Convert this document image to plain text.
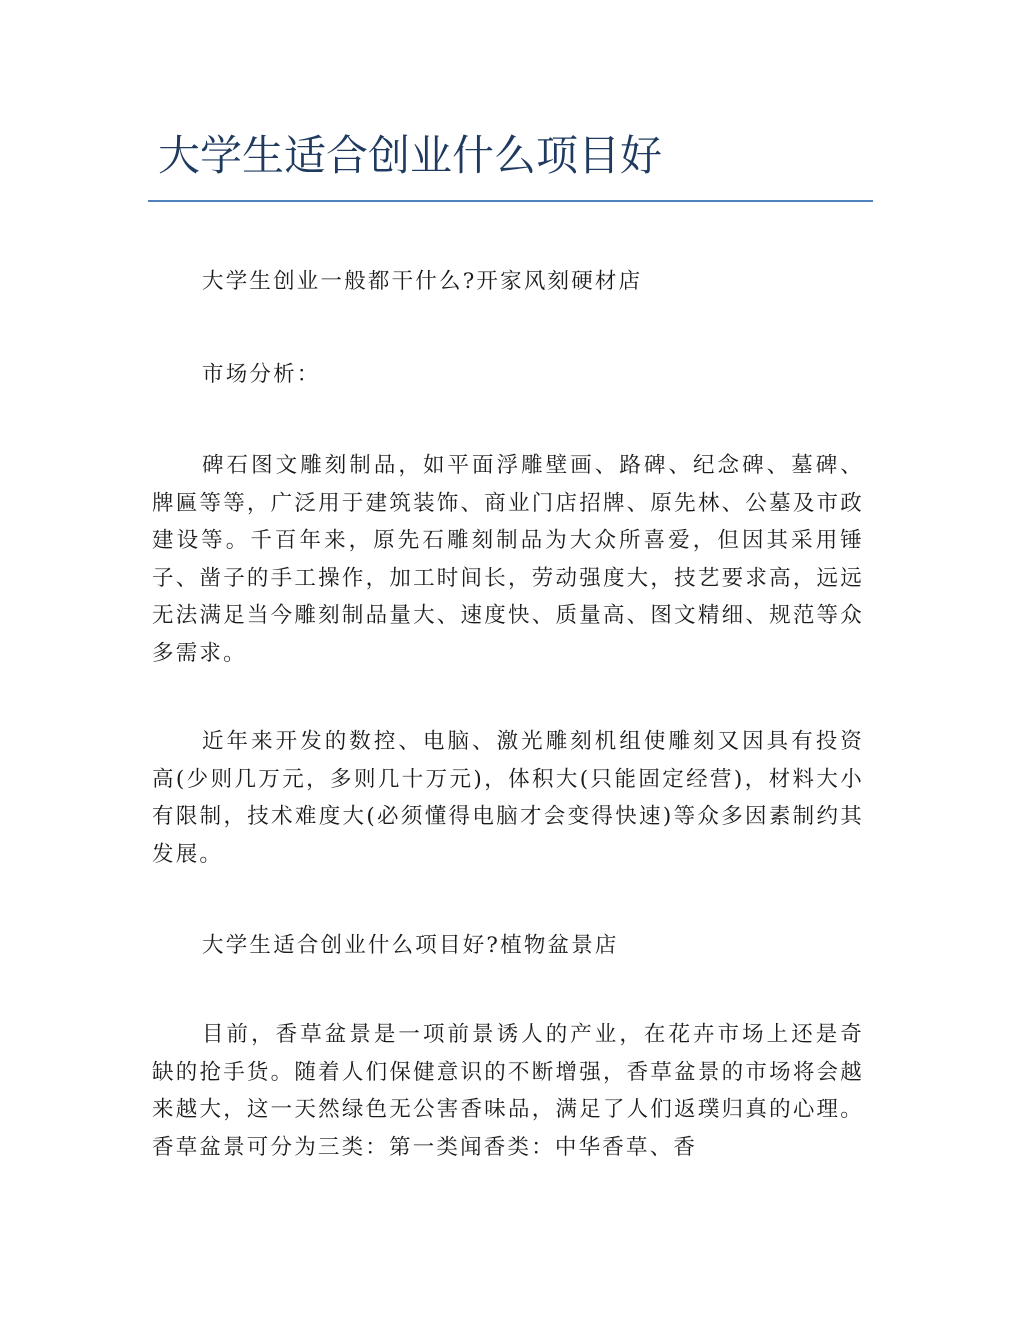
大学生适合创业什么项目好

大学生创业一般都干什么?开家风刻硬材店

市场分析：

碑石图文雕刻制品，如平面浮雕壁画、路碑、纪念碑、墓碑、牌匾等等，广泛用于建筑装饰、商业门店招牌、原先林、公墓及市政建设等。千百年来，原先石雕刻制品为大众所喜爱，但因其采用锤子、凿子的手工操作，加工时间长，劳动强度大，技艺要求高，远远无法满足当今雕刻制品量大、速度快、质量高、图文精细、规范等众多需求。

近年来开发的数控、电脑、激光雕刻机组使雕刻又因具有投资高(少则几万元，多则几十万元)，体积大(只能固定经营)，材料大小有限制，技术难度大(必须懂得电脑才会变得快速)等众多因素制约其发展。

大学生适合创业什么项目好?植物盆景店

目前，香草盆景是一项前景诱人的产业，在花卉市场上还是奇缺的抢手货。随着人们保健意识的不断增强，香草盆景的市场将会越来越大，这一天然绿色无公害香味品，满足了人们返璞归真的心理。香草盆景可分为三类：第一类闻香类：中华香草、香
